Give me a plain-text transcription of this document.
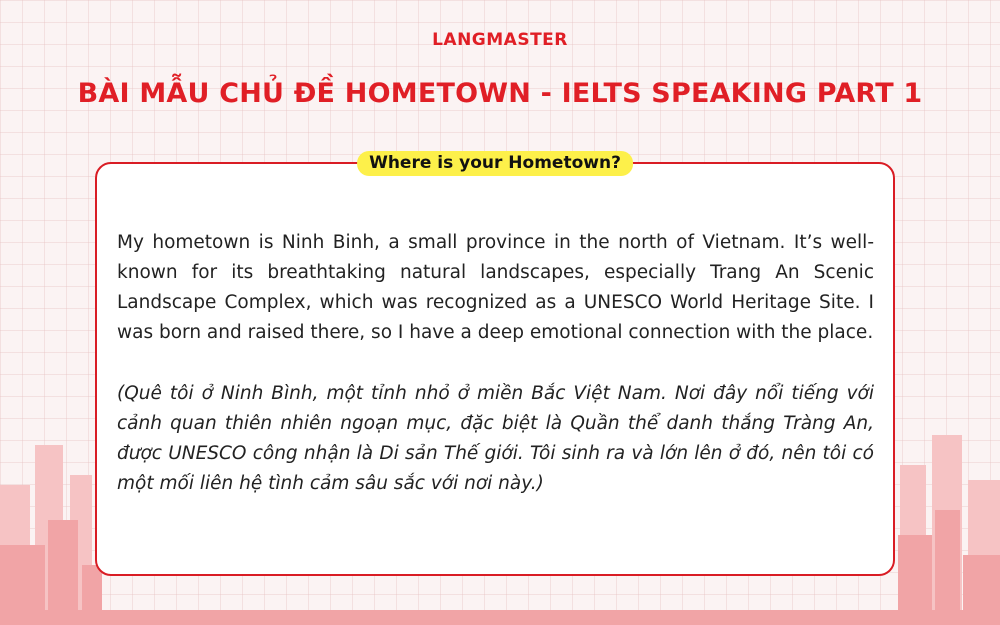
LANGMASTER
BÀI MẪU CHỦ ĐỀ HOMETOWN - IELTS SPEAKING PART 1
Where is your Hometown?

My hometown is Ninh Binh, a small province in the north of Vietnam. It’s well-known for its breathtaking natural landscapes, especially Trang An Scenic Landscape Complex, which was recognized as a UNESCO World Heritage Site. I was born and raised there, so I have a deep emotional connection with the place.

(Quê tôi ở Ninh Bình, một tỉnh nhỏ ở miền Bắc Việt Nam. Nơi đây nổi tiếng với cảnh quan thiên nhiên ngoạn mục, đặc biệt là Quần thể danh thắng Tràng An, được UNESCO công nhận là Di sản Thế giới. Tôi sinh ra và lớn lên ở đó, nên tôi có một mối liên hệ tình cảm sâu sắc với nơi này.)
